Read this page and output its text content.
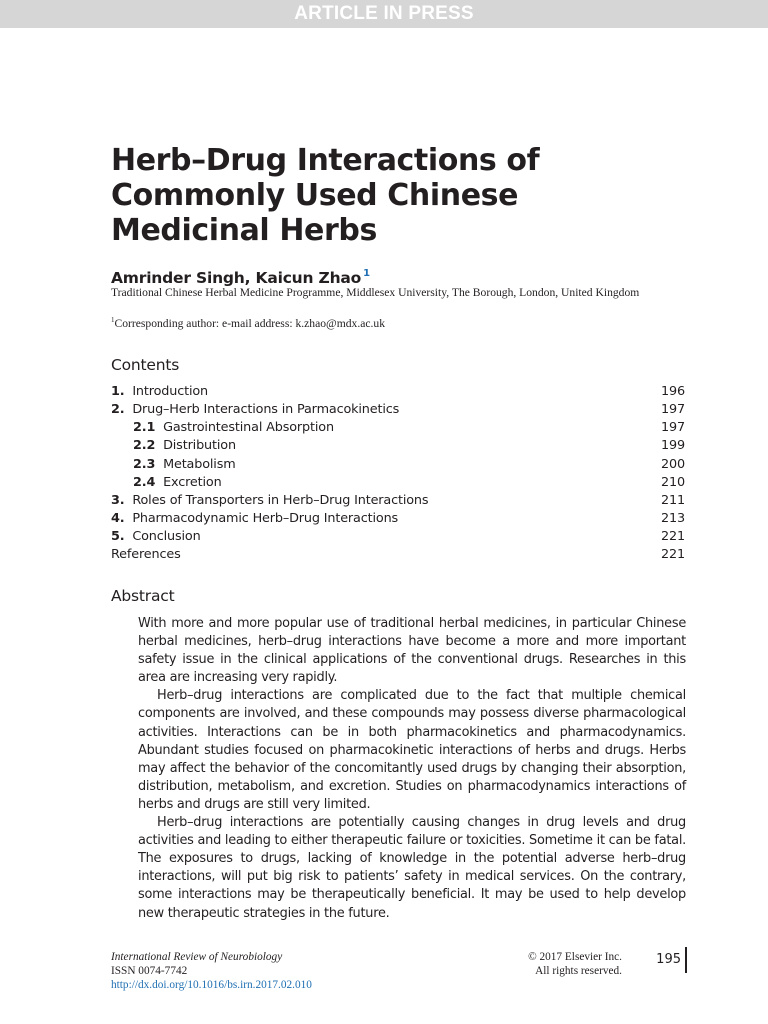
ARTICLE IN PRESS
Herb–Drug Interactions of Commonly Used Chinese Medicinal Herbs
Amrinder Singh, Kaicun Zhao $^1$
Traditional Chinese Herbal Medicine Programme, Middlesex University, The Borough, London, United Kingdom
$^1$Corresponding author: e-mail address: k.zhao@mdx.ac.uk
Contents
1. Introduction	196
2. Drug–Herb Interactions in Parmacokinetics	197
2.1 Gastrointestinal Absorption	197
2.2 Distribution	199
2.3 Metabolism	200
2.4 Excretion	210
3. Roles of Transporters in Herb–Drug Interactions	211
4. Pharmacodynamic Herb–Drug Interactions	213
5. Conclusion	221
References	221
Abstract

With more and more popular use of traditional herbal medicines, in particular Chinese herbal medicines, herb–drug interactions have become a more and more important safety issue in the clinical applications of the conventional drugs. Researches in this area are increasing very rapidly.

Herb–drug interactions are complicated due to the fact that multiple chemical components are involved, and these compounds may possess diverse pharmacological activities. Interactions can be in both pharmacokinetics and pharmacodynamics. Abundant studies focused on pharmacokinetic interactions of herbs and drugs. Herbs may affect the behavior of the concomitantly used drugs by changing their absorption, distribution, metabolism, and excretion. Studies on pharmacodynamics interactions of herbs and drugs are still very limited.

Herb–drug interactions are potentially causing changes in drug levels and drug activities and leading to either therapeutic failure or toxicities. Sometime it can be fatal. The exposures to drugs, lacking of knowledge in the potential adverse herb–drug interactions, will put big risk to patients’ safety in medical services. On the contrary, some interactions may be therapeutically beneficial. It may be used to help develop new therapeutic strategies in the future.

International Review of Neurobiology
ISSN 0074-7742
http://dx.doi.org/10.1016/bs.irn.2017.02.010
© 2017 Elsevier Inc.
All rights reserved.
195
